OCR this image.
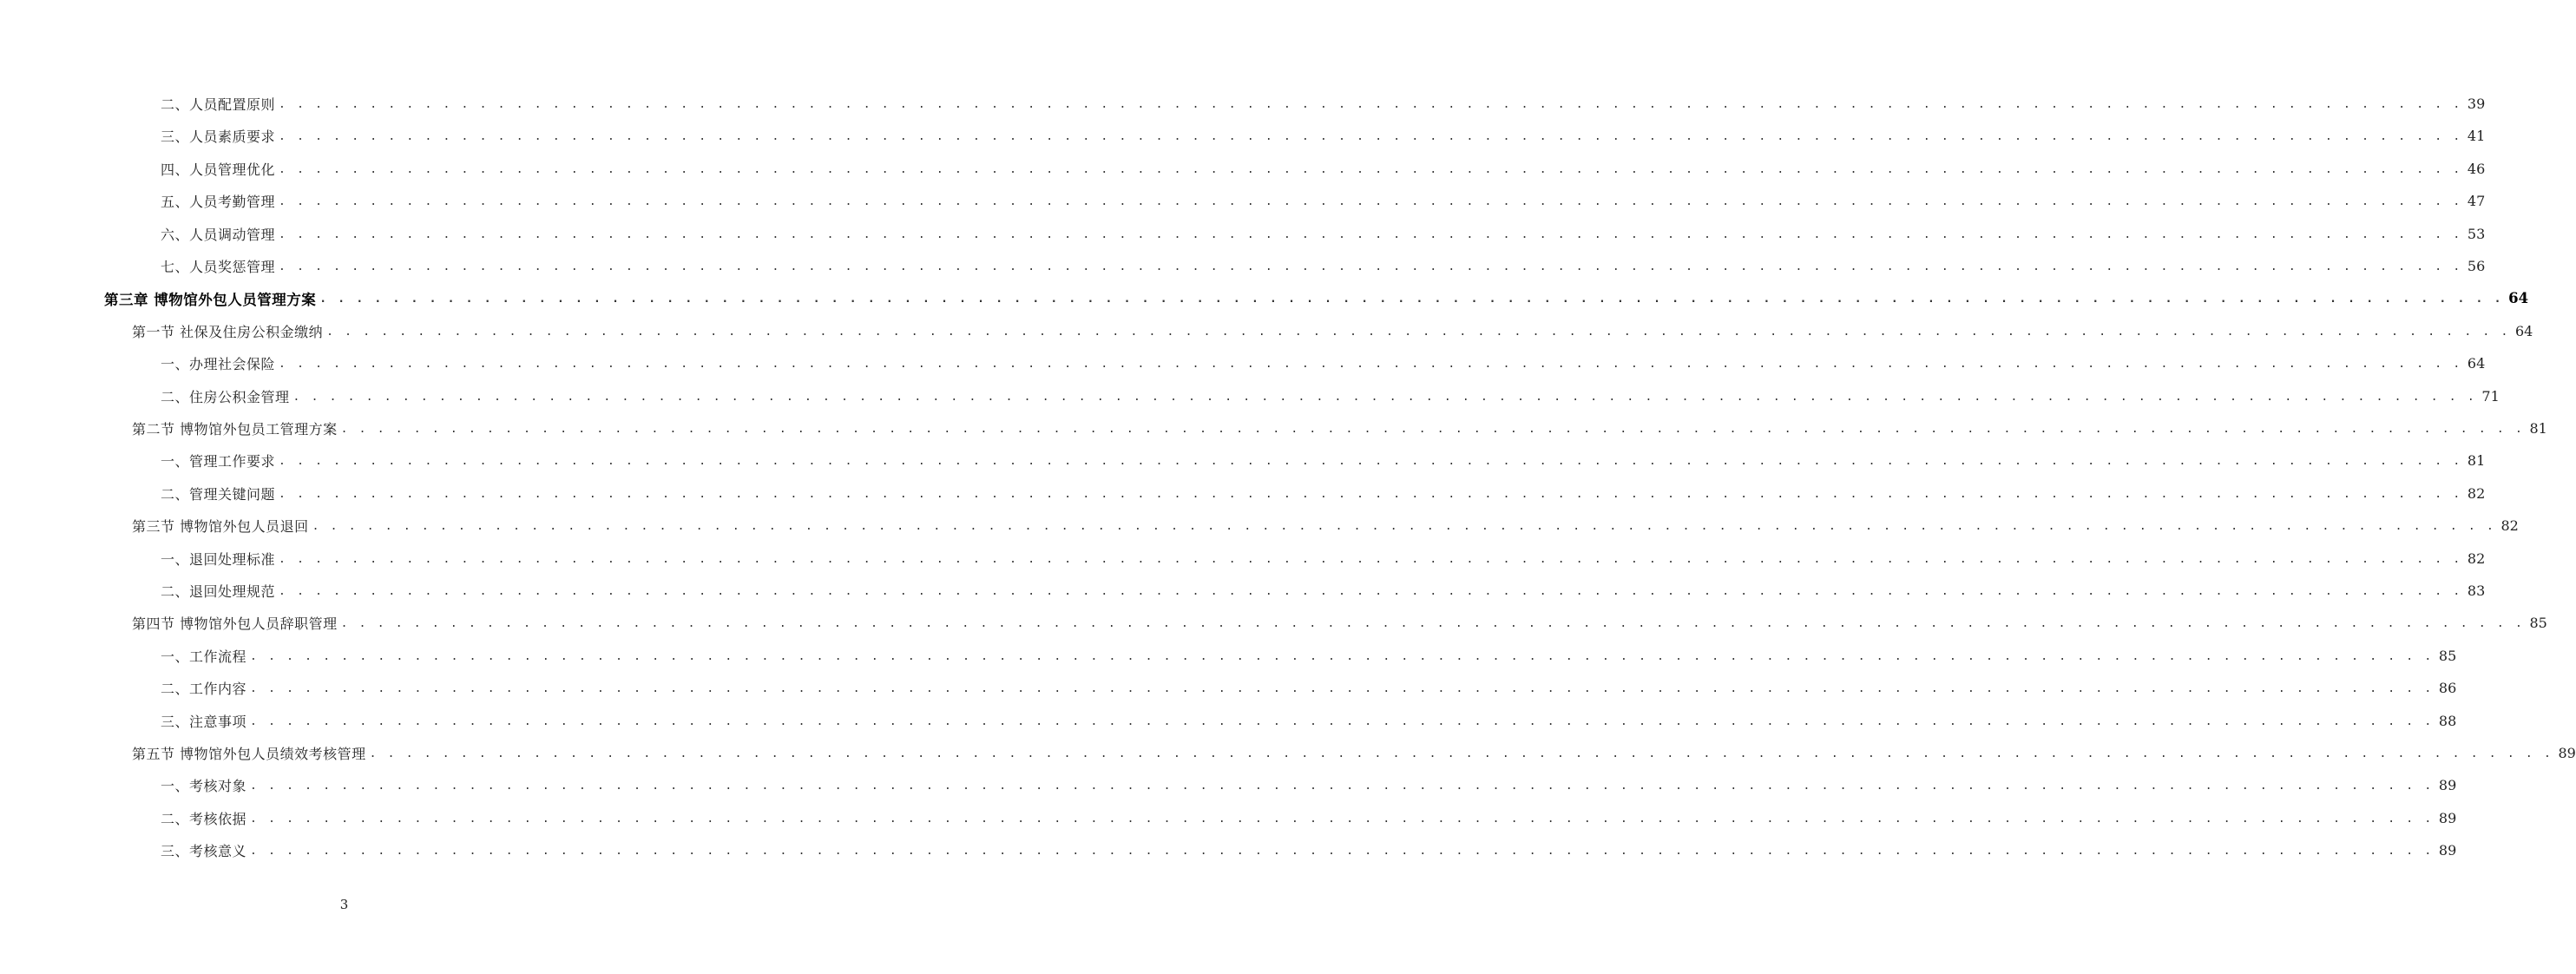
二、人员配置原则 . . . . . . . . . . . . . . . . . . . . . . . . . . . . . . . . . . . . . . . . . . . . . . . . . . . . . . . . . . . . . . . . . . . . . . . . . . . . . . . . . . . . . . . . . . . . . . . . . . . . . . . . . . . . . . . . . . . . . . . . 39
三、人员素质要求 . . . . . . . . . . . . . . . . . . . . . . . . . . . . . . . . . . . . . . . . . . . . . . . . . . . . . . . . . . . . . . . . . . . . . . . . . . . . . . . . . . . . . . . . . . . . . . . . . . . . . . . . . . . . . . . . . . . . . . . . 41
四、人员管理优化 . . . . . . . . . . . . . . . . . . . . . . . . . . . . . . . . . . . . . . . . . . . . . . . . . . . . . . . . . . . . . . . . . . . . . . . . . . . . . . . . . . . . . . . . . . . . . . . . . . . . . . . . . . . . . . . . . . . . . . . . 46
五、人员考勤管理 . . . . . . . . . . . . . . . . . . . . . . . . . . . . . . . . . . . . . . . . . . . . . . . . . . . . . . . . . . . . . . . . . . . . . . . . . . . . . . . . . . . . . . . . . . . . . . . . . . . . . . . . . . . . . . . . . . . . . . . . 47
六、人员调动管理 . . . . . . . . . . . . . . . . . . . . . . . . . . . . . . . . . . . . . . . . . . . . . . . . . . . . . . . . . . . . . . . . . . . . . . . . . . . . . . . . . . . . . . . . . . . . . . . . . . . . . . . . . . . . . . . . . . . . . . . . 53
七、人员奖惩管理 . . . . . . . . . . . . . . . . . . . . . . . . . . . . . . . . . . . . . . . . . . . . . . . . . . . . . . . . . . . . . . . . . . . . . . . . . . . . . . . . . . . . . . . . . . . . . . . . . . . . . . . . . . . . . . . . . . . . . . . . 56
第三章 博物馆外包人员管理方案 . . . . . . . . . . . . . . . . . . . . . . . . . . . . . . . . . . . . . . . . . . . . . . . . . . . . . . . . . . . . . . . . . . . . . . . . . . . . . . . . . . . . . . . . . . . . . . . . . . . . . . . . . . . . . . . . . . . . . . . . 64
第一节 社保及住房公积金缴纳 . . . . . . . . . . . . . . . . . . . . . . . . . . . . . . . . . . . . . . . . . . . . . . . . . . . . . . . . . . . . . . . . . . . . . . . . . . . . . . . . . . . . . . . . . . . . . . . . . . . . . . . . . . . . . . . . . . . . . . . . 64
一、办理社会保险 . . . . . . . . . . . . . . . . . . . . . . . . . . . . . . . . . . . . . . . . . . . . . . . . . . . . . . . . . . . . . . . . . . . . . . . . . . . . . . . . . . . . . . . . . . . . . . . . . . . . . . . . . . . . . . . . . . . . . . . . 64
二、住房公积金管理 . . . . . . . . . . . . . . . . . . . . . . . . . . . . . . . . . . . . . . . . . . . . . . . . . . . . . . . . . . . . . . . . . . . . . . . . . . . . . . . . . . . . . . . . . . . . . . . . . . . . . . . . . . . . . . . . . . . . . . . . 71
第二节 博物馆外包员工管理方案 . . . . . . . . . . . . . . . . . . . . . . . . . . . . . . . . . . . . . . . . . . . . . . . . . . . . . . . . . . . . . . . . . . . . . . . . . . . . . . . . . . . . . . . . . . . . . . . . . . . . . . . . . . . . . . . . . . . . . . . . 81
一、管理工作要求 . . . . . . . . . . . . . . . . . . . . . . . . . . . . . . . . . . . . . . . . . . . . . . . . . . . . . . . . . . . . . . . . . . . . . . . . . . . . . . . . . . . . . . . . . . . . . . . . . . . . . . . . . . . . . . . . . . . . . . . . 81
二、管理关键问题 . . . . . . . . . . . . . . . . . . . . . . . . . . . . . . . . . . . . . . . . . . . . . . . . . . . . . . . . . . . . . . . . . . . . . . . . . . . . . . . . . . . . . . . . . . . . . . . . . . . . . . . . . . . . . . . . . . . . . . . . 82
第三节 博物馆外包人员退回 . . . . . . . . . . . . . . . . . . . . . . . . . . . . . . . . . . . . . . . . . . . . . . . . . . . . . . . . . . . . . . . . . . . . . . . . . . . . . . . . . . . . . . . . . . . . . . . . . . . . . . . . . . . . . . . . . . . . . . . . 82
一、退回处理标准 . . . . . . . . . . . . . . . . . . . . . . . . . . . . . . . . . . . . . . . . . . . . . . . . . . . . . . . . . . . . . . . . . . . . . . . . . . . . . . . . . . . . . . . . . . . . . . . . . . . . . . . . . . . . . . . . . . . . . . . . 82
二、退回处理规范 . . . . . . . . . . . . . . . . . . . . . . . . . . . . . . . . . . . . . . . . . . . . . . . . . . . . . . . . . . . . . . . . . . . . . . . . . . . . . . . . . . . . . . . . . . . . . . . . . . . . . . . . . . . . . . . . . . . . . . . . 83
第四节 博物馆外包人员辞职管理 . . . . . . . . . . . . . . . . . . . . . . . . . . . . . . . . . . . . . . . . . . . . . . . . . . . . . . . . . . . . . . . . . . . . . . . . . . . . . . . . . . . . . . . . . . . . . . . . . . . . . . . . . . . . . . . . . . . . . . . . 85
一、工作流程 . . . . . . . . . . . . . . . . . . . . . . . . . . . . . . . . . . . . . . . . . . . . . . . . . . . . . . . . . . . . . . . . . . . . . . . . . . . . . . . . . . . . . . . . . . . . . . . . . . . . . . . . . . . . . . . . . . . . . . . . 85
二、工作内容 . . . . . . . . . . . . . . . . . . . . . . . . . . . . . . . . . . . . . . . . . . . . . . . . . . . . . . . . . . . . . . . . . . . . . . . . . . . . . . . . . . . . . . . . . . . . . . . . . . . . . . . . . . . . . . . . . . . . . . . . 86
三、注意事项 . . . . . . . . . . . . . . . . . . . . . . . . . . . . . . . . . . . . . . . . . . . . . . . . . . . . . . . . . . . . . . . . . . . . . . . . . . . . . . . . . . . . . . . . . . . . . . . . . . . . . . . . . . . . . . . . . . . . . . . . 88
第五节 博物馆外包人员绩效考核管理 . . . . . . . . . . . . . . . . . . . . . . . . . . . . . . . . . . . . . . . . . . . . . . . . . . . . . . . . . . . . . . . . . . . . . . . . . . . . . . . . . . . . . . . . . . . . . . . . . . . . . . . . . . . . . . . . . . . . . . . . 89
一、考核对象 . . . . . . . . . . . . . . . . . . . . . . . . . . . . . . . . . . . . . . . . . . . . . . . . . . . . . . . . . . . . . . . . . . . . . . . . . . . . . . . . . . . . . . . . . . . . . . . . . . . . . . . . . . . . . . . . . . . . . . . . 89
二、考核依据 . . . . . . . . . . . . . . . . . . . . . . . . . . . . . . . . . . . . . . . . . . . . . . . . . . . . . . . . . . . . . . . . . . . . . . . . . . . . . . . . . . . . . . . . . . . . . . . . . . . . . . . . . . . . . . . . . . . . . . . . 89
三、考核意义 . . . . . . . . . . . . . . . . . . . . . . . . . . . . . . . . . . . . . . . . . . . . . . . . . . . . . . . . . . . . . . . . . . . . . . . . . . . . . . . . . . . . . . . . . . . . . . . . . . . . . . . . . . . . . . . . . . . . . . . . 89
3
